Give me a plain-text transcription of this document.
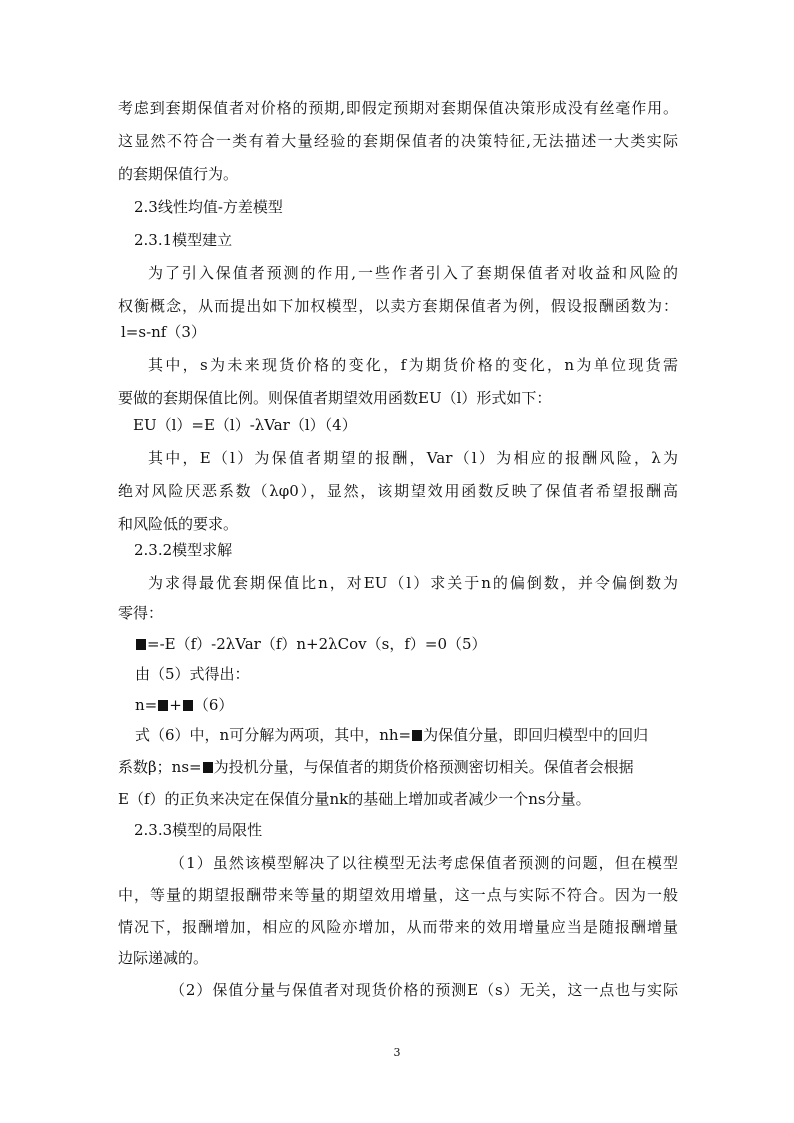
考虑到套期保值者对价格的预期,即假定预期对套期保值决策形成没有丝毫作用。
这显然不符合一类有着大量经验的套期保值者的决策特征,无法描述一大类实际
的套期保值行为。
2.3线性均值-方差模型
2.3.1模型建立
为了引入保值者预测的作用,一些作者引入了套期保值者对收益和风险的
权衡概念，从而提出如下加权模型，以卖方套期保值者为例，假设报酬函数为：
l=s-nf（3）
其中，s为未来现货价格的变化，f为期货价格的变化，n为单位现货需
要做的套期保值比例。则保值者期望效用函数EU（l）形式如下：
EU（l）=E（l）-λVar（l）（4）
其中，E（l）为保值者期望的报酬，Var（l）为相应的报酬风险，λ为
绝对风险厌恶系数（λφ0），显然，该期望效用函数反映了保值者希望报酬高
和风险低的要求。
2.3.2模型求解
为求得最优套期保值比n，对EU（l）求关于n的偏倒数，并令偏倒数为
零得：
=-E（f）-2λVar（f）n+2λCov（s，f）=0（5）
由（5）式得出：
n= + （6）
式（6）中，n可分解为两项，其中，nh= 为保值分量，即回归模型中的回归
系数β；ns= 为投机分量，与保值者的期货价格预测密切相关。保值者会根据
E（f）的正负来决定在保值分量nk的基础上增加或者减少一个ns分量。
2.3.3模型的局限性
（1）虽然该模型解决了以往模型无法考虑保值者预测的问题，但在模型
中，等量的期望报酬带来等量的期望效用增量，这一点与实际不符合。因为一般
情况下，报酬增加，相应的风险亦增加，从而带来的效用增量应当是随报酬增量
边际递减的。
（2）保值分量与保值者对现货价格的预测E（s）无关，这一点也与实际
3
